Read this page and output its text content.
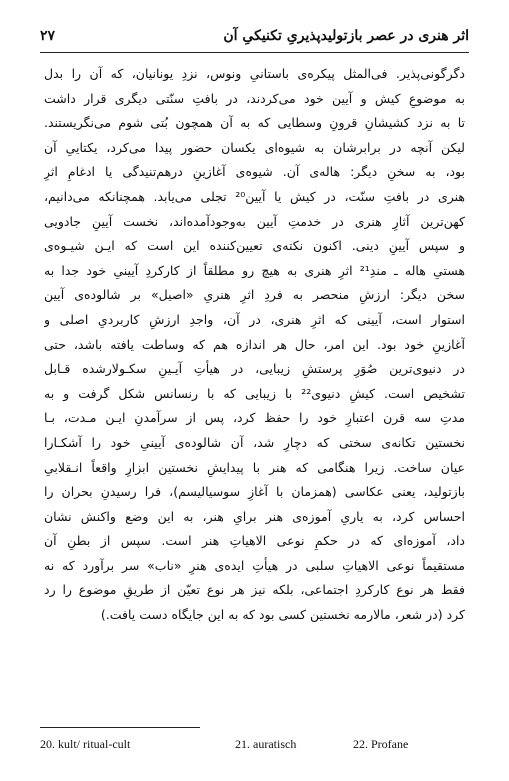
اثر هنری در عصر بازتولیدپذیریِ تکنیکیِ آن
۲۷
دگرگونی‌پذیر. فی‌المثل پیکره‌ی باستانیِ ونوس، نزدِ یونانیان، که آن را بدل
به موضوعِ کیش و آیین خود می‌کردند، در بافتِ سنّتی دیگری قرار داشت
تا به نزد کشیشانِ قرونِ وسطایی که به آن همچون بُتی شوم می‌نگریستند.
لیکن آنچه در برابرشان به شیوه‌ای یکسان حضور پیدا می‌کرد، یکتاییِ آن
بود، به سخنِ دیگر: هاله‌ی آن. شیوه‌ی آغازینِ درهم‌تنیدگی یا ادغامِ اثرِ
هنری در بافتِ سنّت، در کیش یا آیین²⁰ تجلی می‌یابد. همچنانکه می‌دانیم،
کهن‌ترین آثارِ هنری در خدمتِ آیین به‌وجودآمده‌اند، نخست آیینِ جادویی
و سپس آیینِ دینی. اکنون نکته‌ی تعیین‌کننده این است که ایـن شیـوه‌ی
هستیِ هاله ـ مندِ²¹ اثرِ هنری به هیچ رو مطلقاً از کارکردِ آیینیِ خود جدا به
سخن دیگر: ارزشِ منحصر به فردِ اثرِ هنریِ «اصیل» بر شالوده‌ی آیین
استوار است، آیینی که اثرِ هنری، در آن، واجدِ ارزشِ کاربردیِ اصلی و
آغازینِ خود بود. این امر، حال هر اندازه هم که وساطت یافته باشد، حتی
در دنیوی‌ترین صُوَرِ پرستشِ زیبایی، در هیأتِ آیـینِ سکـولارشده قـابل
تشخیص است. کیشِ دنیوی²² با زیبایی که با رنسانس شکل گرفت و به
مدتِ سه قرن اعتبارِ خود را حفظ کرد، پس از سر‌آمدنِ ایـن مـدت، بـا
نخستین تکانه‌ی سختی که دچارِ شد، آن شالوده‌ی آیینیِ خود را آشکـارا
عیان ساخت. زیرا هنگامی که هنر با پیدایشِ نخستین ابزارِ واقعاً انـقلابیِ
بازتولید، یعنی عکاسی (همزمان با آغازِ سوسیالیسم)، فرا رسیدنِ بحران را
احساس کرد، به یاریِ آموزه‌ی هنر برایِ هنر، به این وضع واکنش نشان
داد، آموزه‌ای که در حکمِ نوعی الاهیاتِ هنر است. سپس از بطنِ آن
مستقیماً نوعی الاهیاتِ سلبی در هیأتِ ایده‌ی هنرِ «ناب» سر برآورد که نه
فقط هر نوع کارکردِ اجتماعی، بلکه نیز هر نوع تعیّن از طریقِ موضوع را رد
کرد (در شعر، مالارمه نخستین کسی بود که به این جایگاه دست یافت.)
20. kult/ ritual-cult	21. auratisch	22. Profane
